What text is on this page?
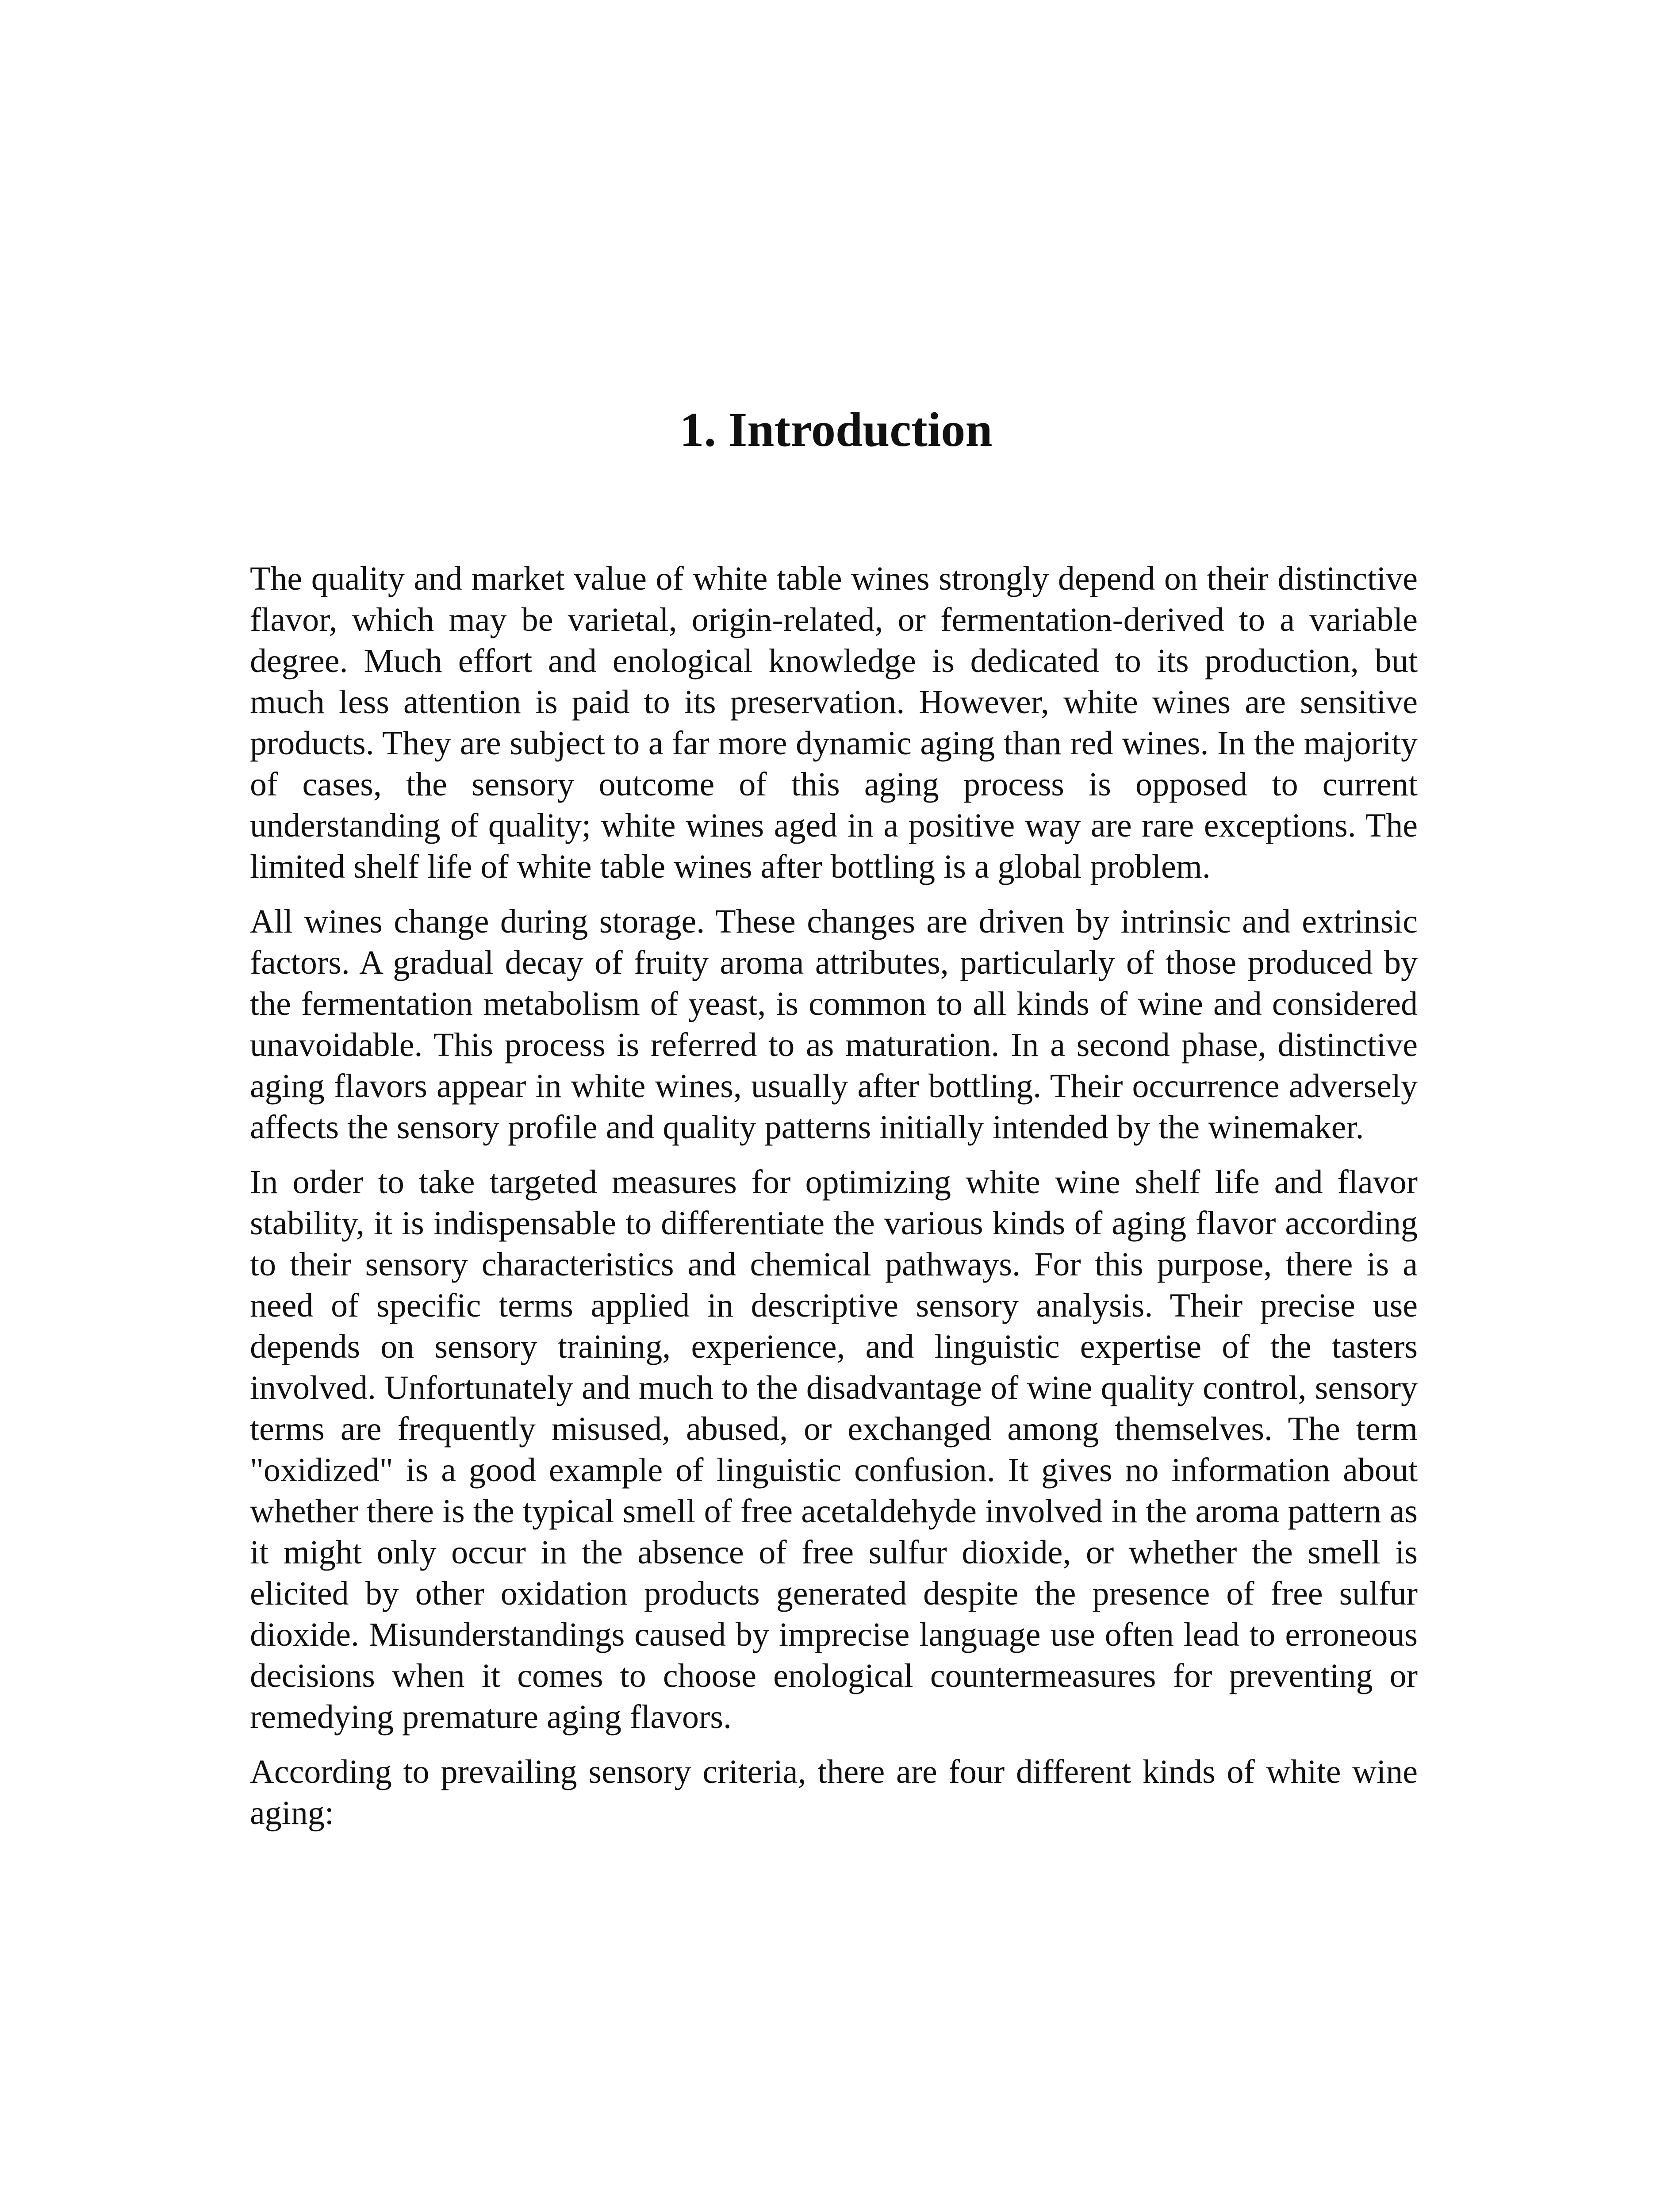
1. Introduction

The quality and market value of white table wines strongly depend on their distinctive flavor, which may be varietal, origin-related, or fermentation-derived to a variable degree. Much effort and enological knowledge is dedicated to its production, but much less attention is paid to its preservation. However, white wines are sensitive products. They are subject to a far more dynamic aging than red wines. In the majority of cases, the sensory outcome of this aging process is opposed to current understanding of quality; white wines aged in a positive way are rare exceptions. The limited shelf life of white table wines after bottling is a global problem.

All wines change during storage. These changes are driven by intrinsic and extrinsic factors. A gradual decay of fruity aroma attributes, particularly of those produced by the fermentation metabolism of yeast, is common to all kinds of wine and considered unavoidable. This process is referred to as maturation. In a second phase, distinctive aging flavors appear in white wines, usually after bottling. Their occurrence adversely affects the sensory profile and quality patterns initially intended by the winemaker.

In order to take targeted measures for optimizing white wine shelf life and flavor stability, it is indispensable to differentiate the various kinds of aging flavor according to their sensory characteristics and chemical pathways. For this purpose, there is a need of specific terms applied in descriptive sensory analysis. Their precise use depends on sensory training, experience, and linguistic expertise of the tasters involved. Unfortunately and much to the disadvantage of wine quality control, sensory terms are frequently misused, abused, or exchanged among themselves. The term "oxidized" is a good example of linguistic confusion. It gives no information about whether there is the typical smell of free acetaldehyde involved in the aroma pattern as it might only occur in the absence of free sulfur dioxide, or whether the smell is elicited by other oxidation products generated despite the presence of free sulfur dioxide. Misunderstandings caused by imprecise language use often lead to erroneous decisions when it comes to choose enological countermeasures for preventing or remedying premature aging flavors.

According to prevailing sensory criteria, there are four different kinds of white wine aging:
